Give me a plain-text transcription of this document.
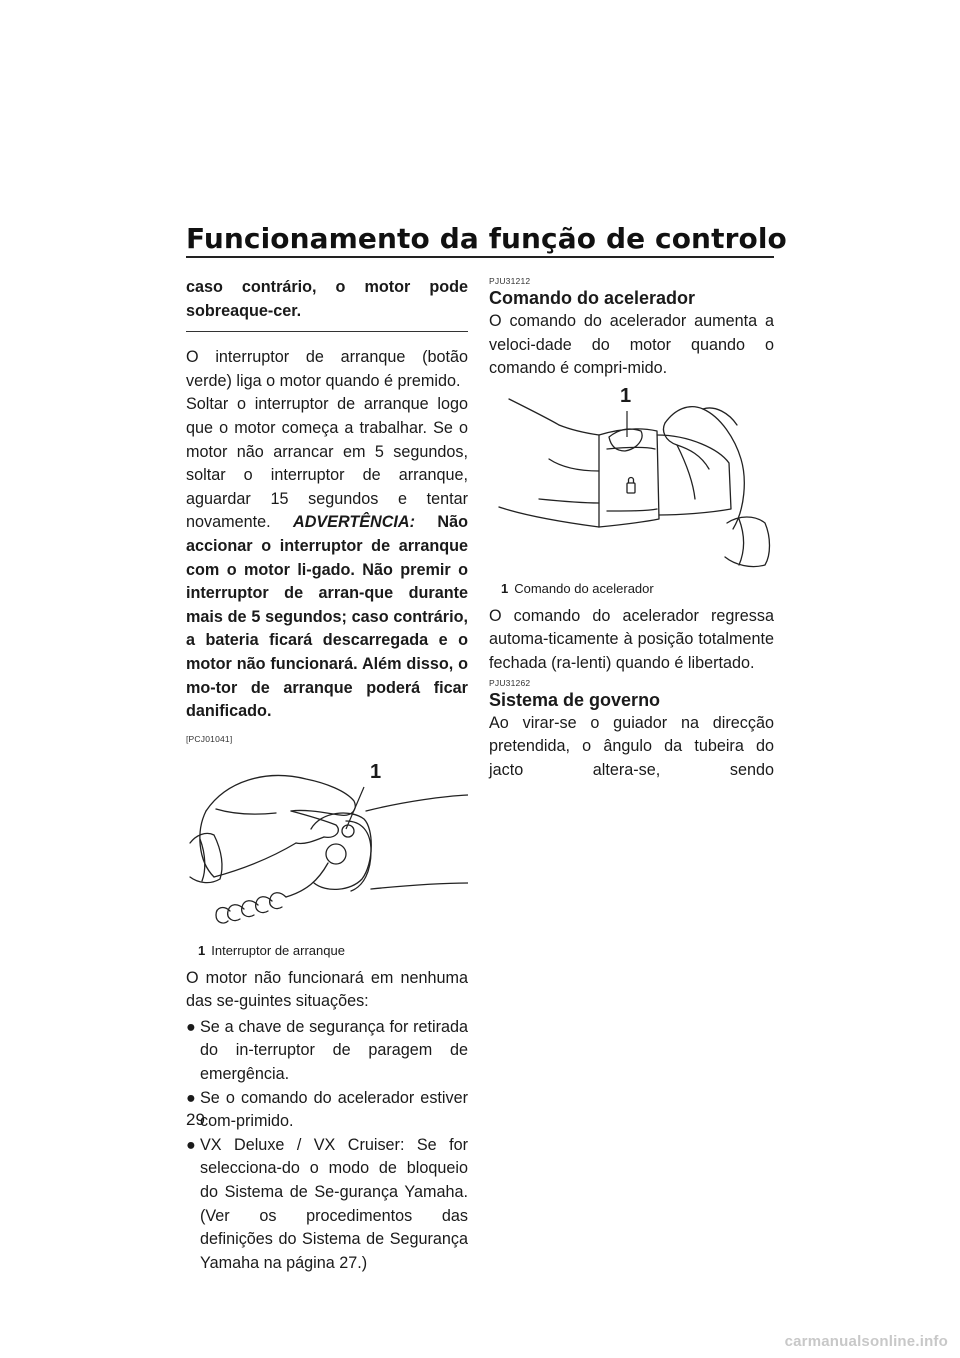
Funcionamento da função de controlo

caso contrário, o motor pode sobreaque-cer.

O interruptor de arranque (botão verde) liga o motor quando é premido.

Soltar o interruptor de arranque logo que o motor começa a trabalhar. Se o motor não arrancar em 5 segundos, soltar o interruptor de arranque, aguardar 15 segundos e tentar novamente. ADVERTÊNCIA: Não accionar o interruptor de arranque com o motor li-gado. Não premir o interruptor de arran-que durante mais de 5 segundos; caso contrário, a bateria ficará descarregada e o motor não funcionará. Além disso, o mo-tor de arranque poderá ficar danificado.

[PCJ01041]
1
1 Interruptor de arranque

O motor não funcionará em nenhuma das se-guintes situações:

● Se a chave de segurança for retirada do in-terruptor de paragem de emergência.
● Se o comando do acelerador estiver com-primido.
● VX Deluxe / VX Cruiser: Se for selecciona-do o modo de bloqueio do Sistema de Se-gurança Yamaha. (Ver os procedimentos das definições do Sistema de Segurança Yamaha na página 27.)
PJU31212
Comando do acelerador

O comando do acelerador aumenta a veloci-dade do motor quando o comando é compri-mido.

1
1 Comando do acelerador

O comando do acelerador regressa automa-ticamente à posição totalmente fechada (ra-lenti) quando é libertado.

PJU31262
Sistema de governo

Ao virar-se o guiador na direcção pretendida, o ângulo da tubeira do jacto altera-se, sendo

29
carmanualsonline.info
